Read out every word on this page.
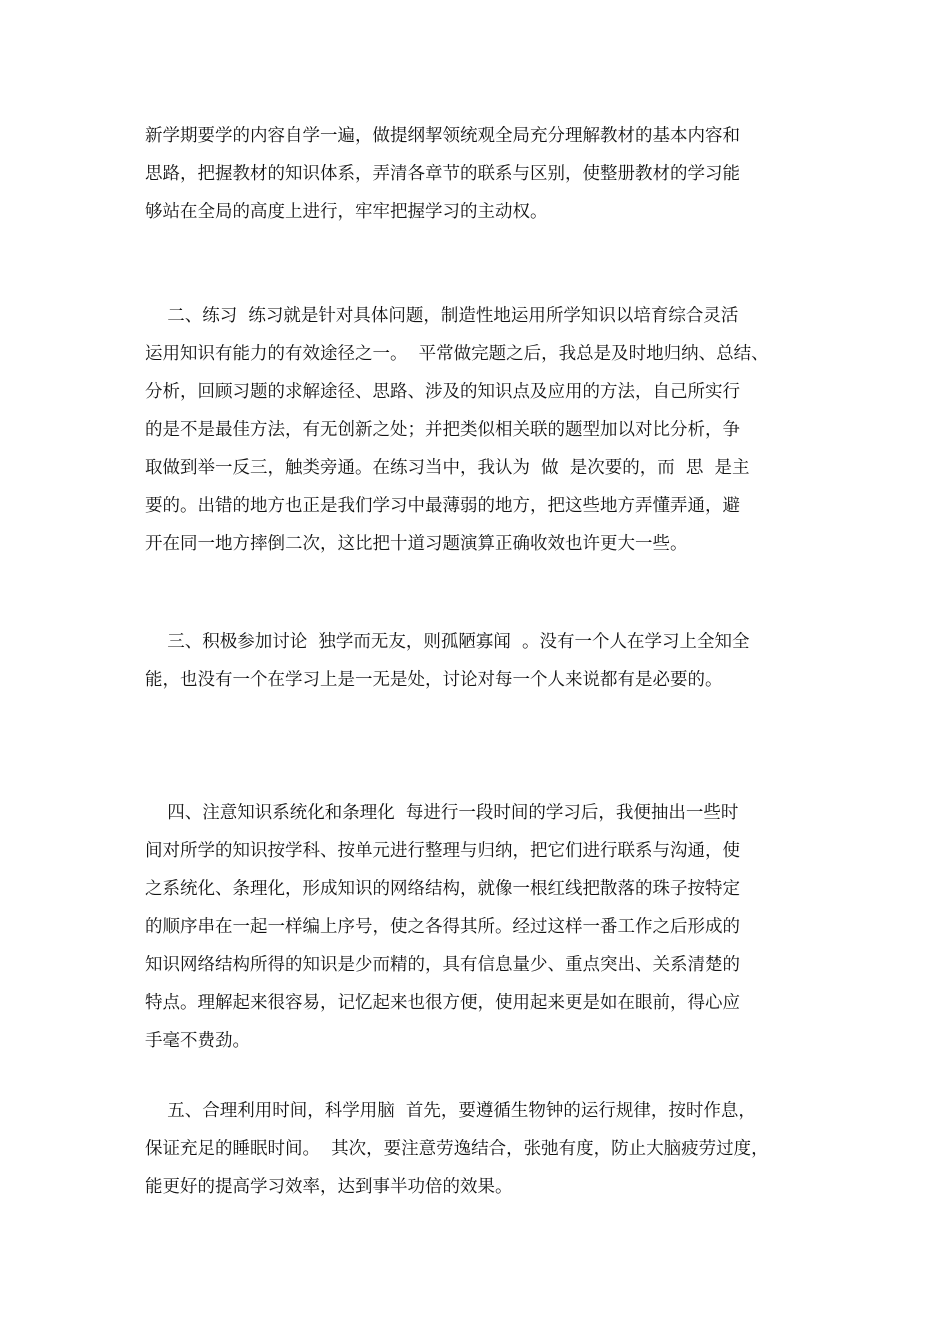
新学期要学的内容自学一遍，做提纲挈领统观全局充分理解教材的基本内容和
思路，把握教材的知识体系，弄清各章节的联系与区别，使整册教材的学习能
够站在全局的高度上进行，牢牢把握学习的主动权。
二、练习  练习就是针对具体问题，制造性地运用所学知识以培育综合灵活
运用知识有能力的有效途径之一。  平常做完题之后，我总是及时地归纳、总结、
分析，回顾习题的求解途径、思路、涉及的知识点及应用的方法，自己所实行
的是不是最佳方法，有无创新之处；并把类似相关联的题型加以对比分析，争
取做到举一反三，触类旁通。在练习当中，我认为  做  是次要的，而  思  是主
要的。出错的地方也正是我们学习中最薄弱的地方，把这些地方弄懂弄通，避
开在同一地方摔倒二次，这比把十道习题演算正确收效也许更大一些。
三、积极参加讨论  独学而无友，则孤陋寡闻  。没有一个人在学习上全知全
能，也没有一个在学习上是一无是处，讨论对每一个人来说都有是必要的。
四、注意知识系统化和条理化  每进行一段时间的学习后，我便抽出一些时
间对所学的知识按学科、按单元进行整理与归纳，把它们进行联系与沟通，使
之系统化、条理化，形成知识的网络结构，就像一根红线把散落的珠子按特定
的顺序串在一起一样编上序号，使之各得其所。经过这样一番工作之后形成的
知识网络结构所得的知识是少而精的，具有信息量少、重点突出、关系清楚的
特点。理解起来很容易，记忆起来也很方便，使用起来更是如在眼前，得心应
手毫不费劲。
五、合理利用时间，科学用脑  首先，要遵循生物钟的运行规律，按时作息，
保证充足的睡眠时间。  其次，要注意劳逸结合，张弛有度，防止大脑疲劳过度，
能更好的提高学习效率，达到事半功倍的效果。
